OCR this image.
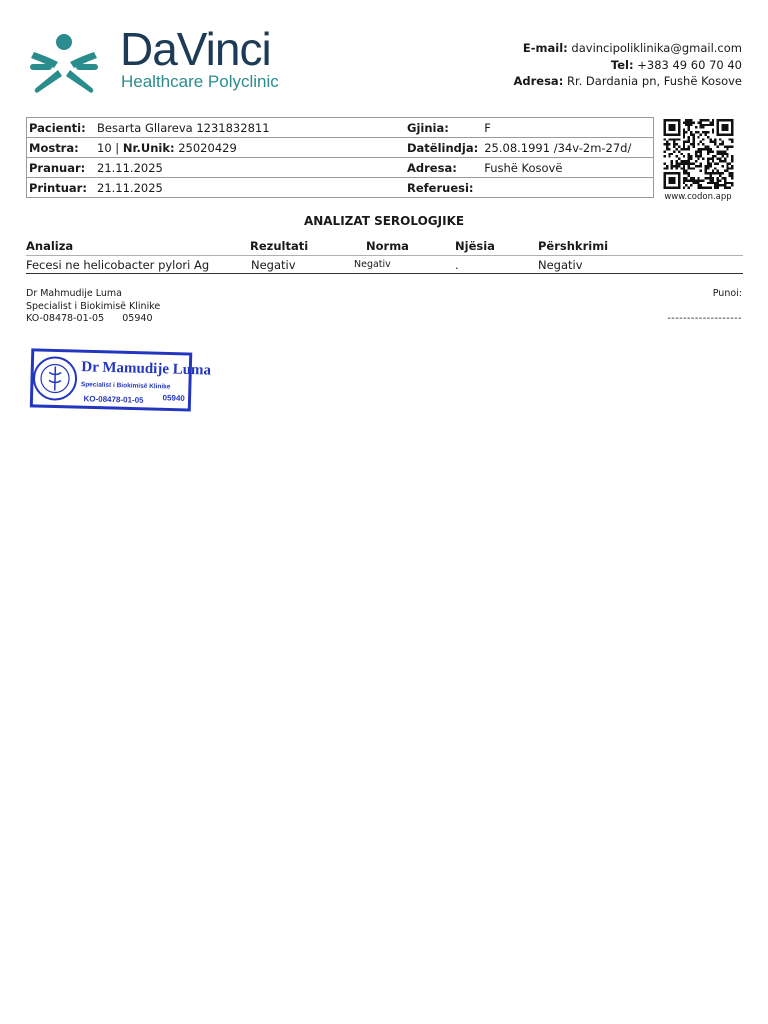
DaVinci
Healthcare Polyclinic
E-mail: davincipoliklinika@gmail.com
Tel: +383 49 60 70 40
Adresa: Rr. Dardania pn, Fushë Kosove
Pacienti:	Besarta Gllareva 1231832811	Gjinia:	F
Mostra:	10 | Nr.Unik: 25020429	Datëlindja:	25.08.1991 /34v-2m-27d/
Pranuar:	21.11.2025	Adresa:	Fushë Kosovë
Printuar:	21.11.2025	Referuesi:	
www.codon.app
ANALIZAT SEROLOGJIKE
Analiza	Rezultati	Norma	Njësia	Përshkrimi
Fecesi ne helicobacter pylori Ag	Negativ	Negativ	.	Negativ
Dr Mahmudije Luma
Specialist i Biokimisë Klinike
KO-08478-01-05 05940
Punoi:
-------------------
Dr Mamudije Luma
Specialist i Biokimisë Klinike
KO-08478-01-05 05940
